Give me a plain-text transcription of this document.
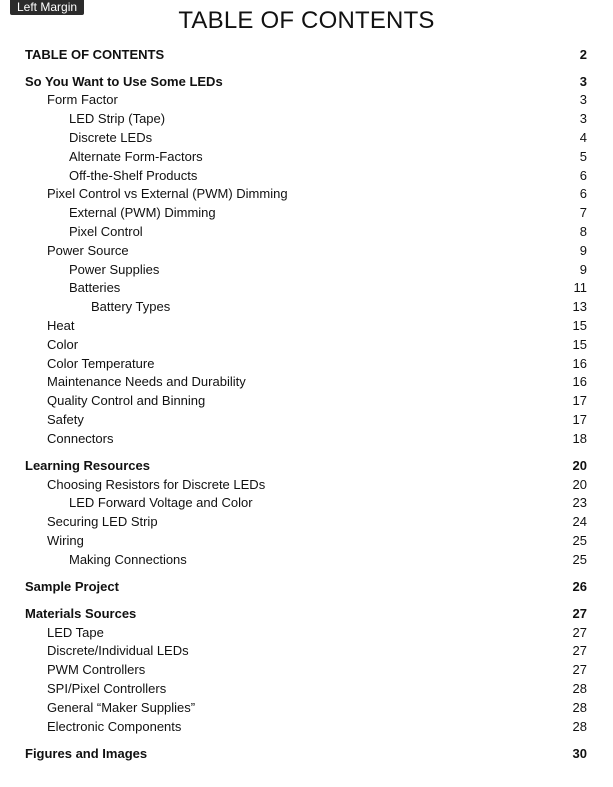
Left Margin	TABLE OF CONTENTS
TABLE OF CONTENTS	2
So You Want to Use Some LEDs	3
Form Factor	3
LED Strip (Tape)	3
Discrete LEDs	4
Alternate Form-Factors	5
Off-the-Shelf Products	6
Pixel Control vs External (PWM) Dimming	6
External (PWM) Dimming	7
Pixel Control	8
Power Source	9
Power Supplies	9
Batteries	11
Battery Types	13
Heat	15
Color	15
Color Temperature	16
Maintenance Needs and Durability	16
Quality Control and Binning	17
Safety	17
Connectors	18
Learning Resources	20
Choosing Resistors for Discrete LEDs	20
LED Forward Voltage and Color	23
Securing LED Strip	24
Wiring	25
Making Connections	25
Sample Project	26
Materials Sources	27
LED Tape	27
Discrete/Individual LEDs	27
PWM Controllers	27
SPI/Pixel Controllers	28
General “Maker Supplies”	28
Electronic Components	28
Figures and Images	30
